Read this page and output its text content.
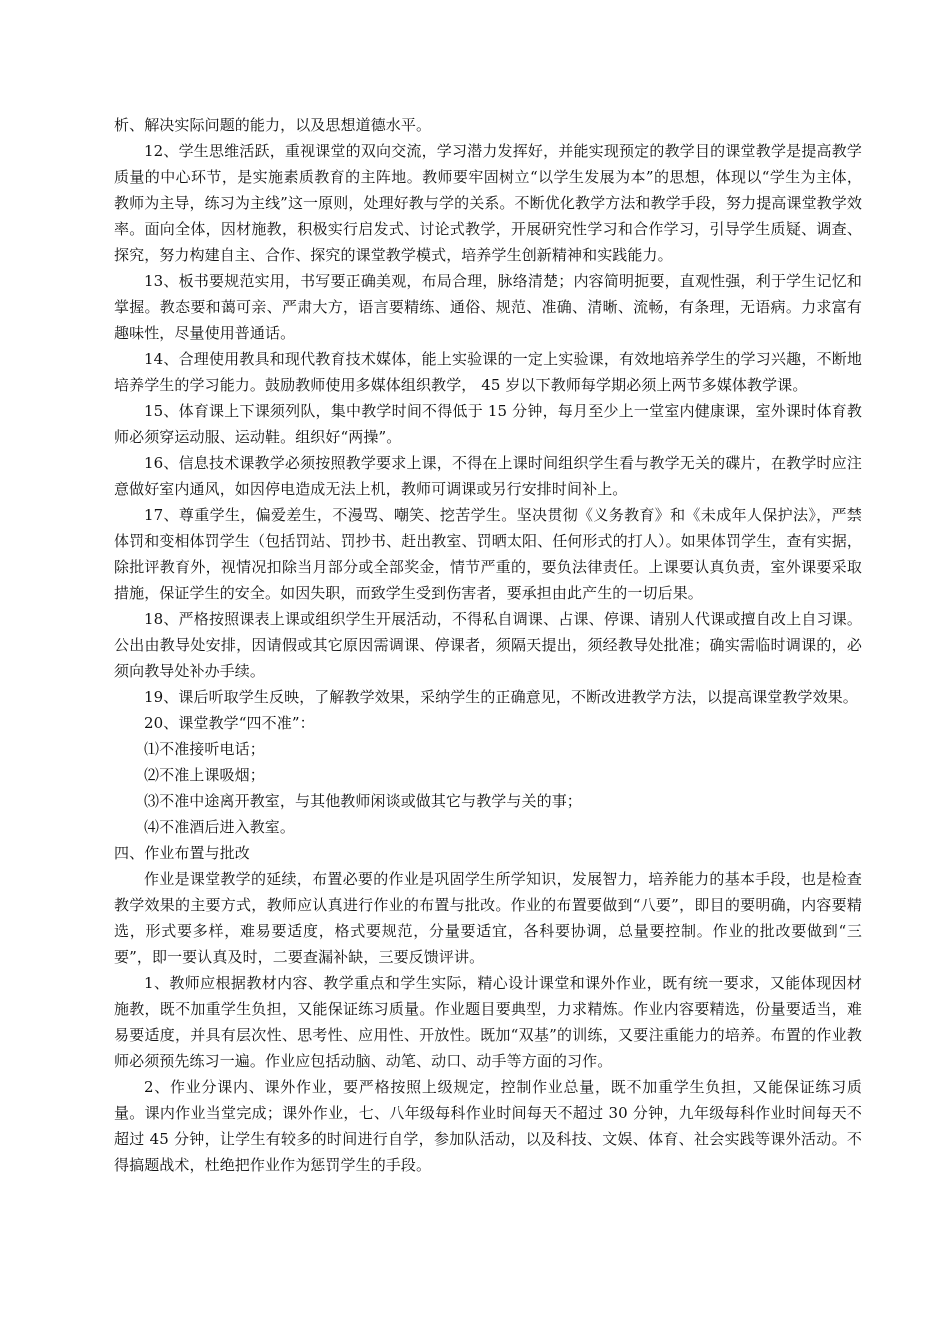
析、解决实际问题的能力，以及思想道德水平。

12、学生思维活跃，重视课堂的双向交流，学习潜力发挥好，并能实现预定的教学目的课堂教学是提高教学质量的中心环节，是实施素质教育的主阵地。教师要牢固树立“以学生发展为本”的思想，体现以“学生为主体，教师为主导，练习为主线”这一原则，处理好教与学的关系。不断优化教学方法和教学手段，努力提高课堂教学效率。面向全体，因材施教，积极实行启发式、讨论式教学，开展研究性学习和合作学习，引导学生质疑、调查、探究，努力构建自主、合作、探究的课堂教学模式，培养学生创新精神和实践能力。

13、板书要规范实用，书写要正确美观，布局合理，脉络清楚；内容简明扼要，直观性强，利于学生记忆和掌握。教态要和蔼可亲、严肃大方，语言要精练、通俗、规范、准确、清晰、流畅，有条理，无语病。力求富有趣味性，尽量使用普通话。

14、合理使用教具和现代教育技术媒体，能上实验课的一定上实验课，有效地培养学生的学习兴趣，不断地培养学生的学习能力。鼓励教师使用多媒体组织教学， 45 岁以下教师每学期必须上两节多媒体教学课。

15、体育课上下课须列队，集中教学时间不得低于 15 分钟，每月至少上一堂室内健康课，室外课时体育教师必须穿运动服、运动鞋。组织好“两操”。

16、信息技术课教学必须按照教学要求上课，不得在上课时间组织学生看与教学无关的碟片，在教学时应注意做好室内通风，如因停电造成无法上机，教师可调课或另行安排时间补上。

17、尊重学生，偏爱差生，不漫骂、嘲笑、挖苦学生。坚决贯彻《义务教育》和《未成年人保护法》，严禁体罚和变相体罚学生（包括罚站、罚抄书、赶出教室、罚晒太阳、任何形式的打人）。如果体罚学生，查有实据，除批评教育外，视情况扣除当月部分或全部奖金，情节严重的，要负法律责任。上课要认真负责，室外课要采取措施，保证学生的安全。如因失职，而致学生受到伤害者，要承担由此产生的一切后果。

18、严格按照课表上课或组织学生开展活动，不得私自调课、占课、停课、请别人代课或擅自改上自习课。公出由教导处安排，因请假或其它原因需调课、停课者，须隔天提出，须经教导处批准；确实需临时调课的，必须向教导处补办手续。

19、课后听取学生反映，了解教学效果，采纳学生的正确意见，不断改进教学方法，以提高课堂教学效果。

20、课堂教学“四不准”：

⑴不准接听电话；

⑵不准上课吸烟；

⑶不准中途离开教室，与其他教师闲谈或做其它与教学与关的事；

⑷不准酒后进入教室。

四、作业布置与批改

作业是课堂教学的延续，布置必要的作业是巩固学生所学知识，发展智力，培养能力的基本手段，也是检查教学效果的主要方式，教师应认真进行作业的布置与批改。作业的布置要做到“八要”，即目的要明确，内容要精选，形式要多样，难易要适度，格式要规范，分量要适宜，各科要协调，总量要控制。作业的批改要做到“三要”，即一要认真及时，二要查漏补缺，三要反馈评讲。

1、教师应根据教材内容、教学重点和学生实际，精心设计课堂和课外作业，既有统一要求，又能体现因材施教，既不加重学生负担，又能保证练习质量。作业题目要典型，力求精炼。作业内容要精选，份量要适当，难易要适度，并具有层次性、思考性、应用性、开放性。既加“双基”的训练，又要注重能力的培养。布置的作业教师必须预先练习一遍。作业应包括动脑、动笔、动口、动手等方面的习作。

2、作业分课内、课外作业，要严格按照上级规定，控制作业总量，既不加重学生负担，又能保证练习质量。课内作业当堂完成；课外作业，七、八年级每科作业时间每天不超过 30 分钟，九年级每科作业时间每天不超过 45 分钟，让学生有较多的时间进行自学，参加队活动，以及科技、文娱、体育、社会实践等课外活动。不得搞题战术，杜绝把作业作为惩罚学生的手段。
